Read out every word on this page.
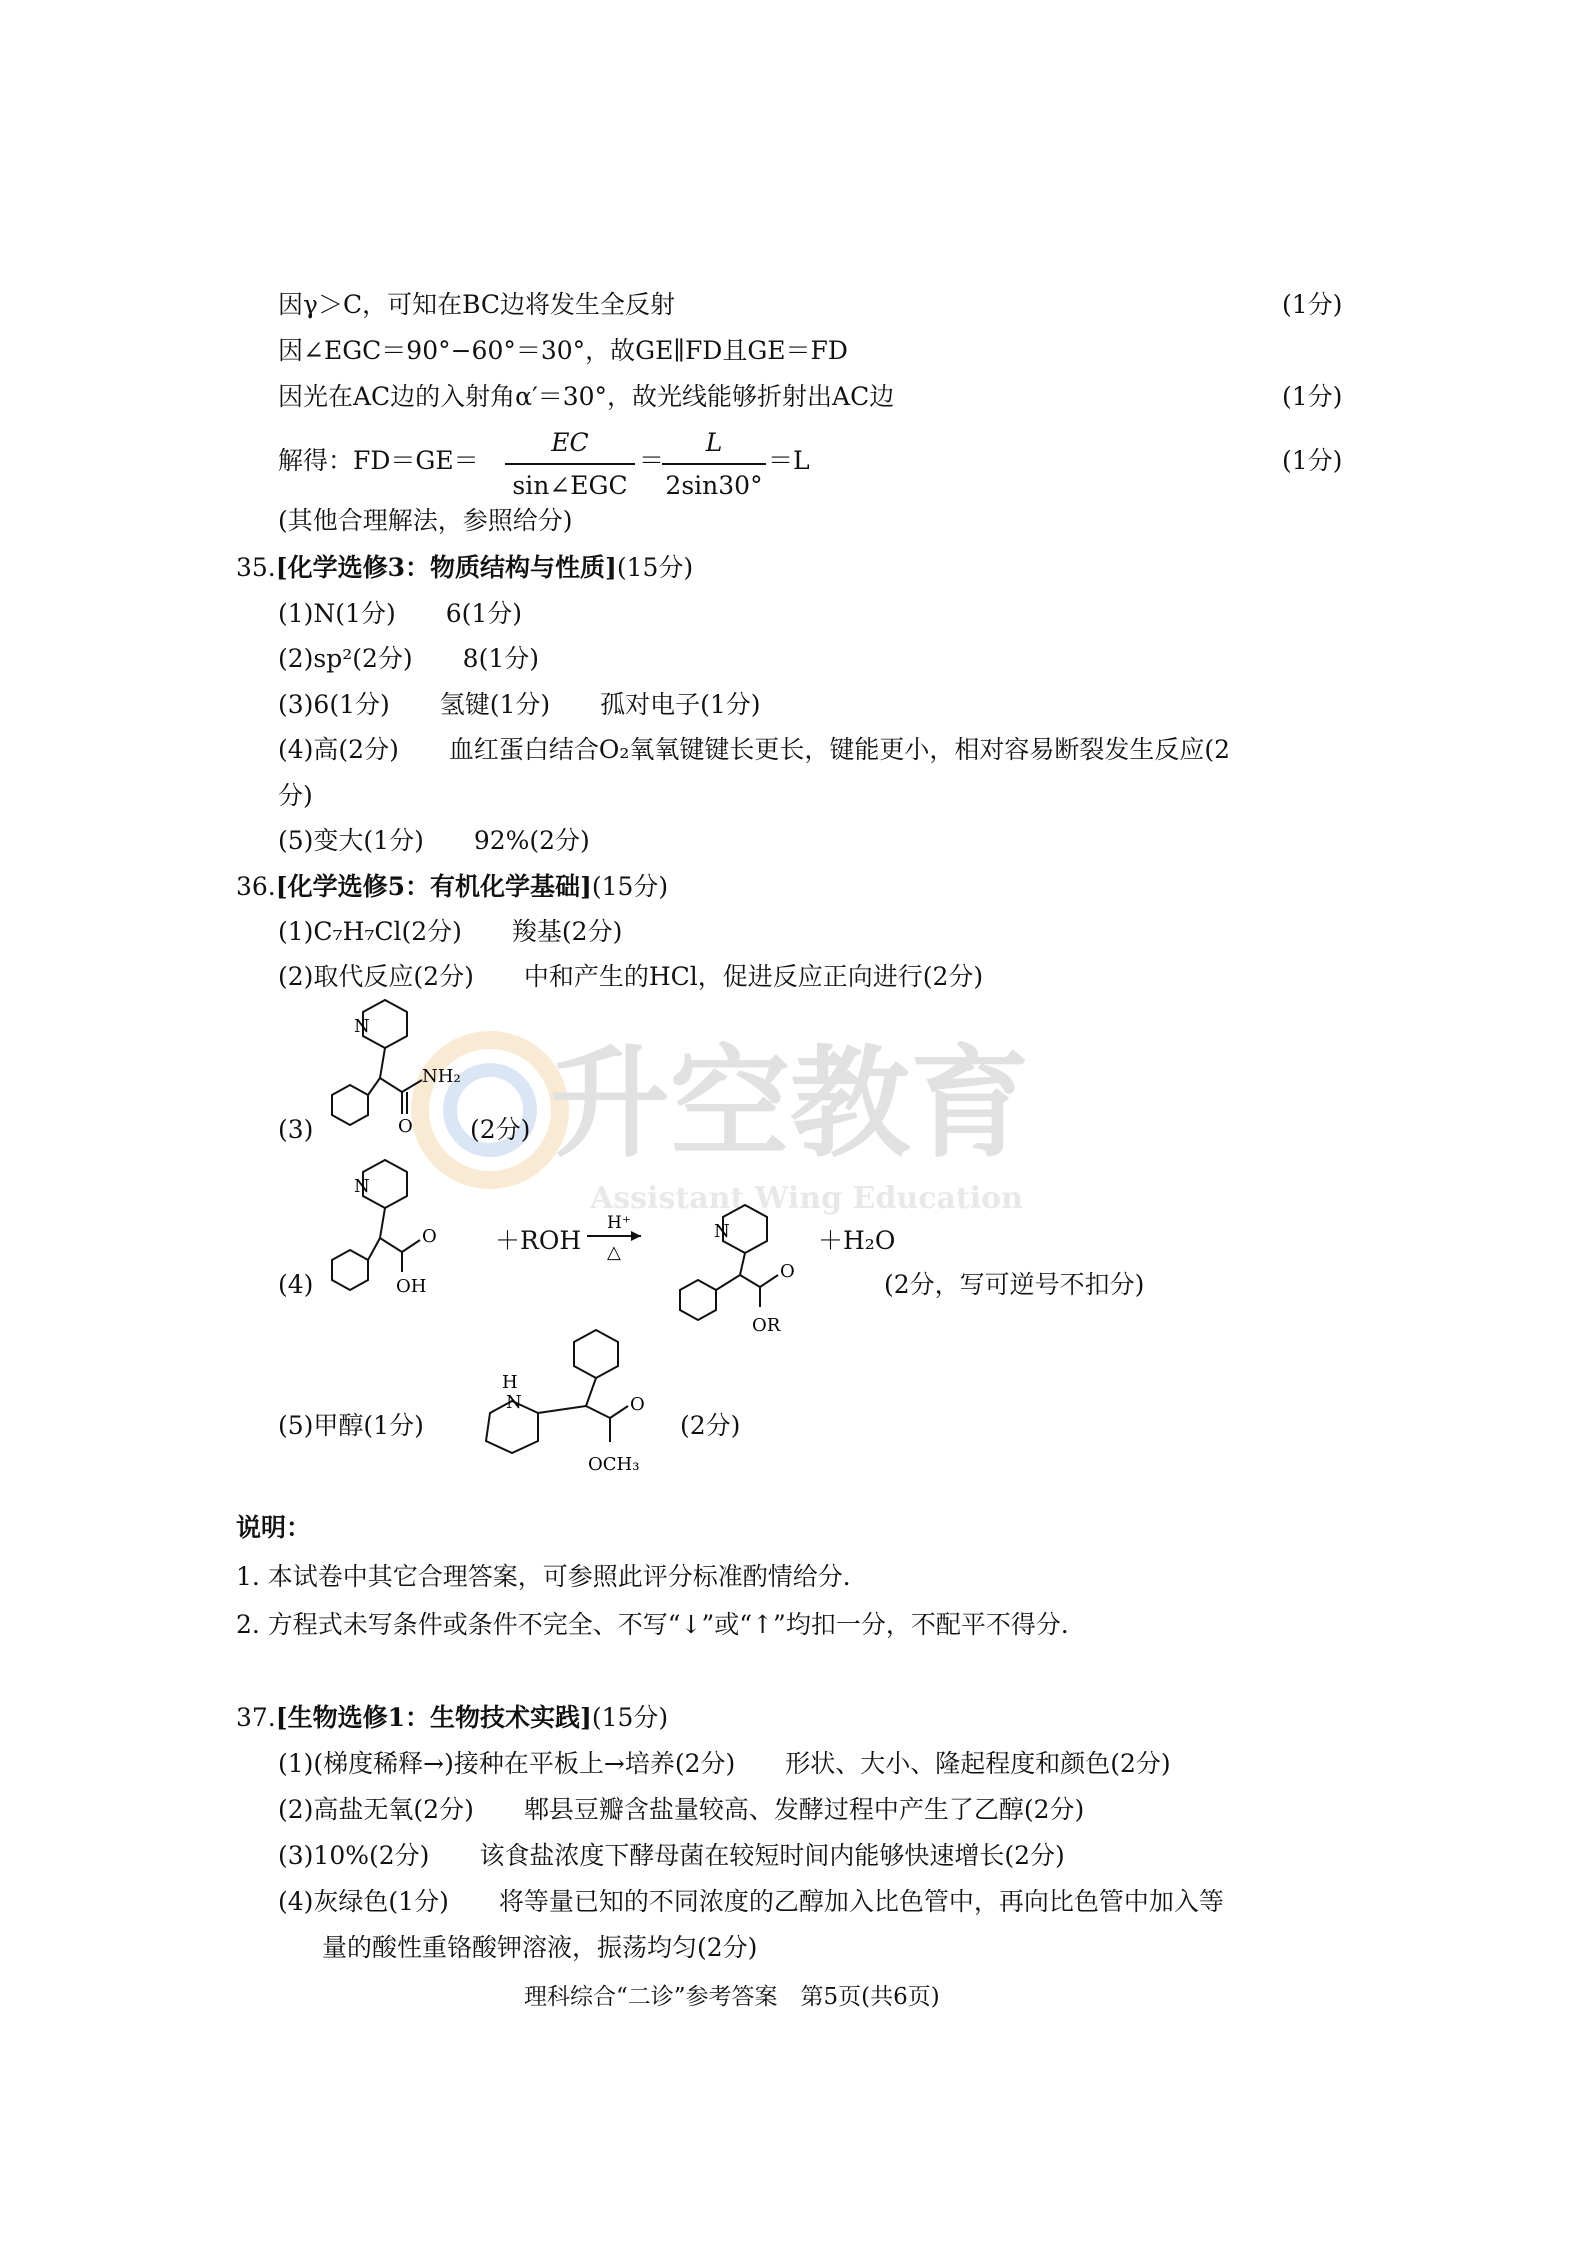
升空教育
Assistant Wing Education
因γ＞C，可知在BC边将发生全反射	(1分)
因∠EGC＝90°−60°＝30°，故GE∥FD且GE＝FD
因光在AC边的入射角α′＝30°，故光线能够折射出AC边	(1分)
解得：FD＝GE＝
EC
sin∠EGC
＝
$\frac{L}{2\sin 30^\circ} =L$	(1分)
(其他合理解法，参照给分)
35.[化学选修3：物质结构与性质](15分)
(1)N(1分)　　6(1分)
(2)sp²(2分)　　8(1分)
(3)6(1分)　　氢键(1分)　　孤对电子(1分)
(4)高(2分)　　血红蛋白结合O₂氧氧键键长更长，键能更小，相对容易断裂发生反应(2
分)
(5)变大(1分)　　92%(2分)
36.[化学选修5：有机化学基础](15分)
(1)C₇H₇Cl(2分)　　羧基(2分)
(2)取代反应(2分)　　中和产生的HCl，促进反应正向进行(2分)
(3)
N
NH₂
O (2分)
(4)
N
O
OH
＋ROH
H⁺
△
N
O
OR
＋H₂O
(2分，写可逆号不扣分)
(5)甲醇(1分)
H
N	O
OCH₃
(2分)
说明：
1. 本试卷中其它合理答案，可参照此评分标准酌情给分．
2. 方程式未写条件或条件不完全、不写“↓”或“↑”均扣一分，不配平不得分．
37.[生物选修1：生物技术实践](15分)
(1)(梯度稀释→)接种在平板上→培养(2分)　　形状、大小、隆起程度和颜色(2分)
(2)高盐无氧(2分)　　郫县豆瓣含盐量较高、发酵过程中产生了乙醇(2分)
(3)10%(2分)　　该食盐浓度下酵母菌在较短时间内能够快速增长(2分)
(4)灰绿色(1分)　　将等量已知的不同浓度的乙醇加入比色管中，再向比色管中加入等
量的酸性重铬酸钾溶液，振荡均匀(2分)
理科综合“二诊”参考答案　第5页(共6页)
